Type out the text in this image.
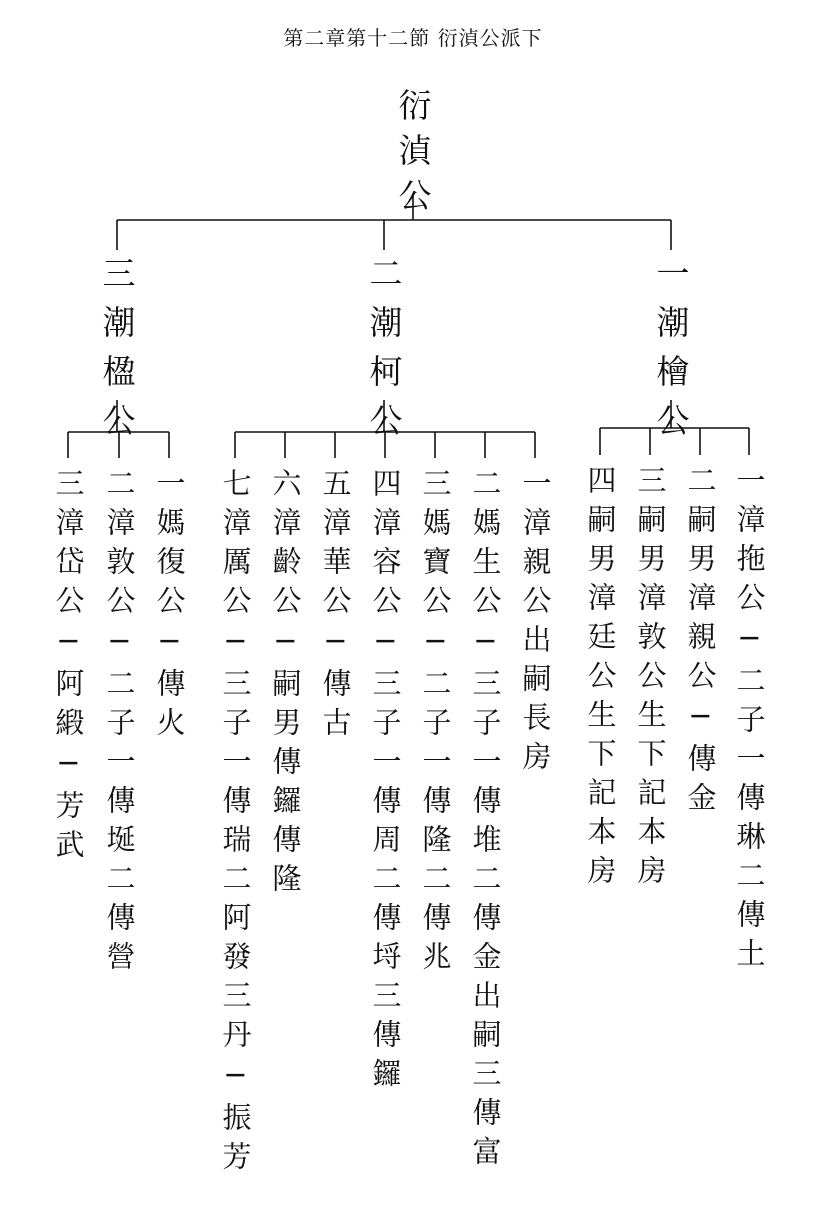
第二章第十二節 衍湞公派下
衍湞公
一潮檜公
二潮柯公
三潮楹公
一漳拖公─二子一傳琳二傳土
二嗣男漳親公─傳金
三嗣男漳敦公生下記本房
四嗣男漳廷公生下記本房
一漳親公出嗣長房
二媽生公─三子一傳堆二傳金出嗣三傳富
三媽寶公─二子一傳隆二傳兆
四漳容公─三子一傳周二傳埒三傳鑼
五漳華公─傳古
六漳齡公─嗣男傳鑼傳隆
七漳厲公─三子一傳瑞二阿發三丹─振芳
一媽復公─傳火
二漳敦公─二子一傳埏二傳營
三漳岱公─阿緞─芳武
